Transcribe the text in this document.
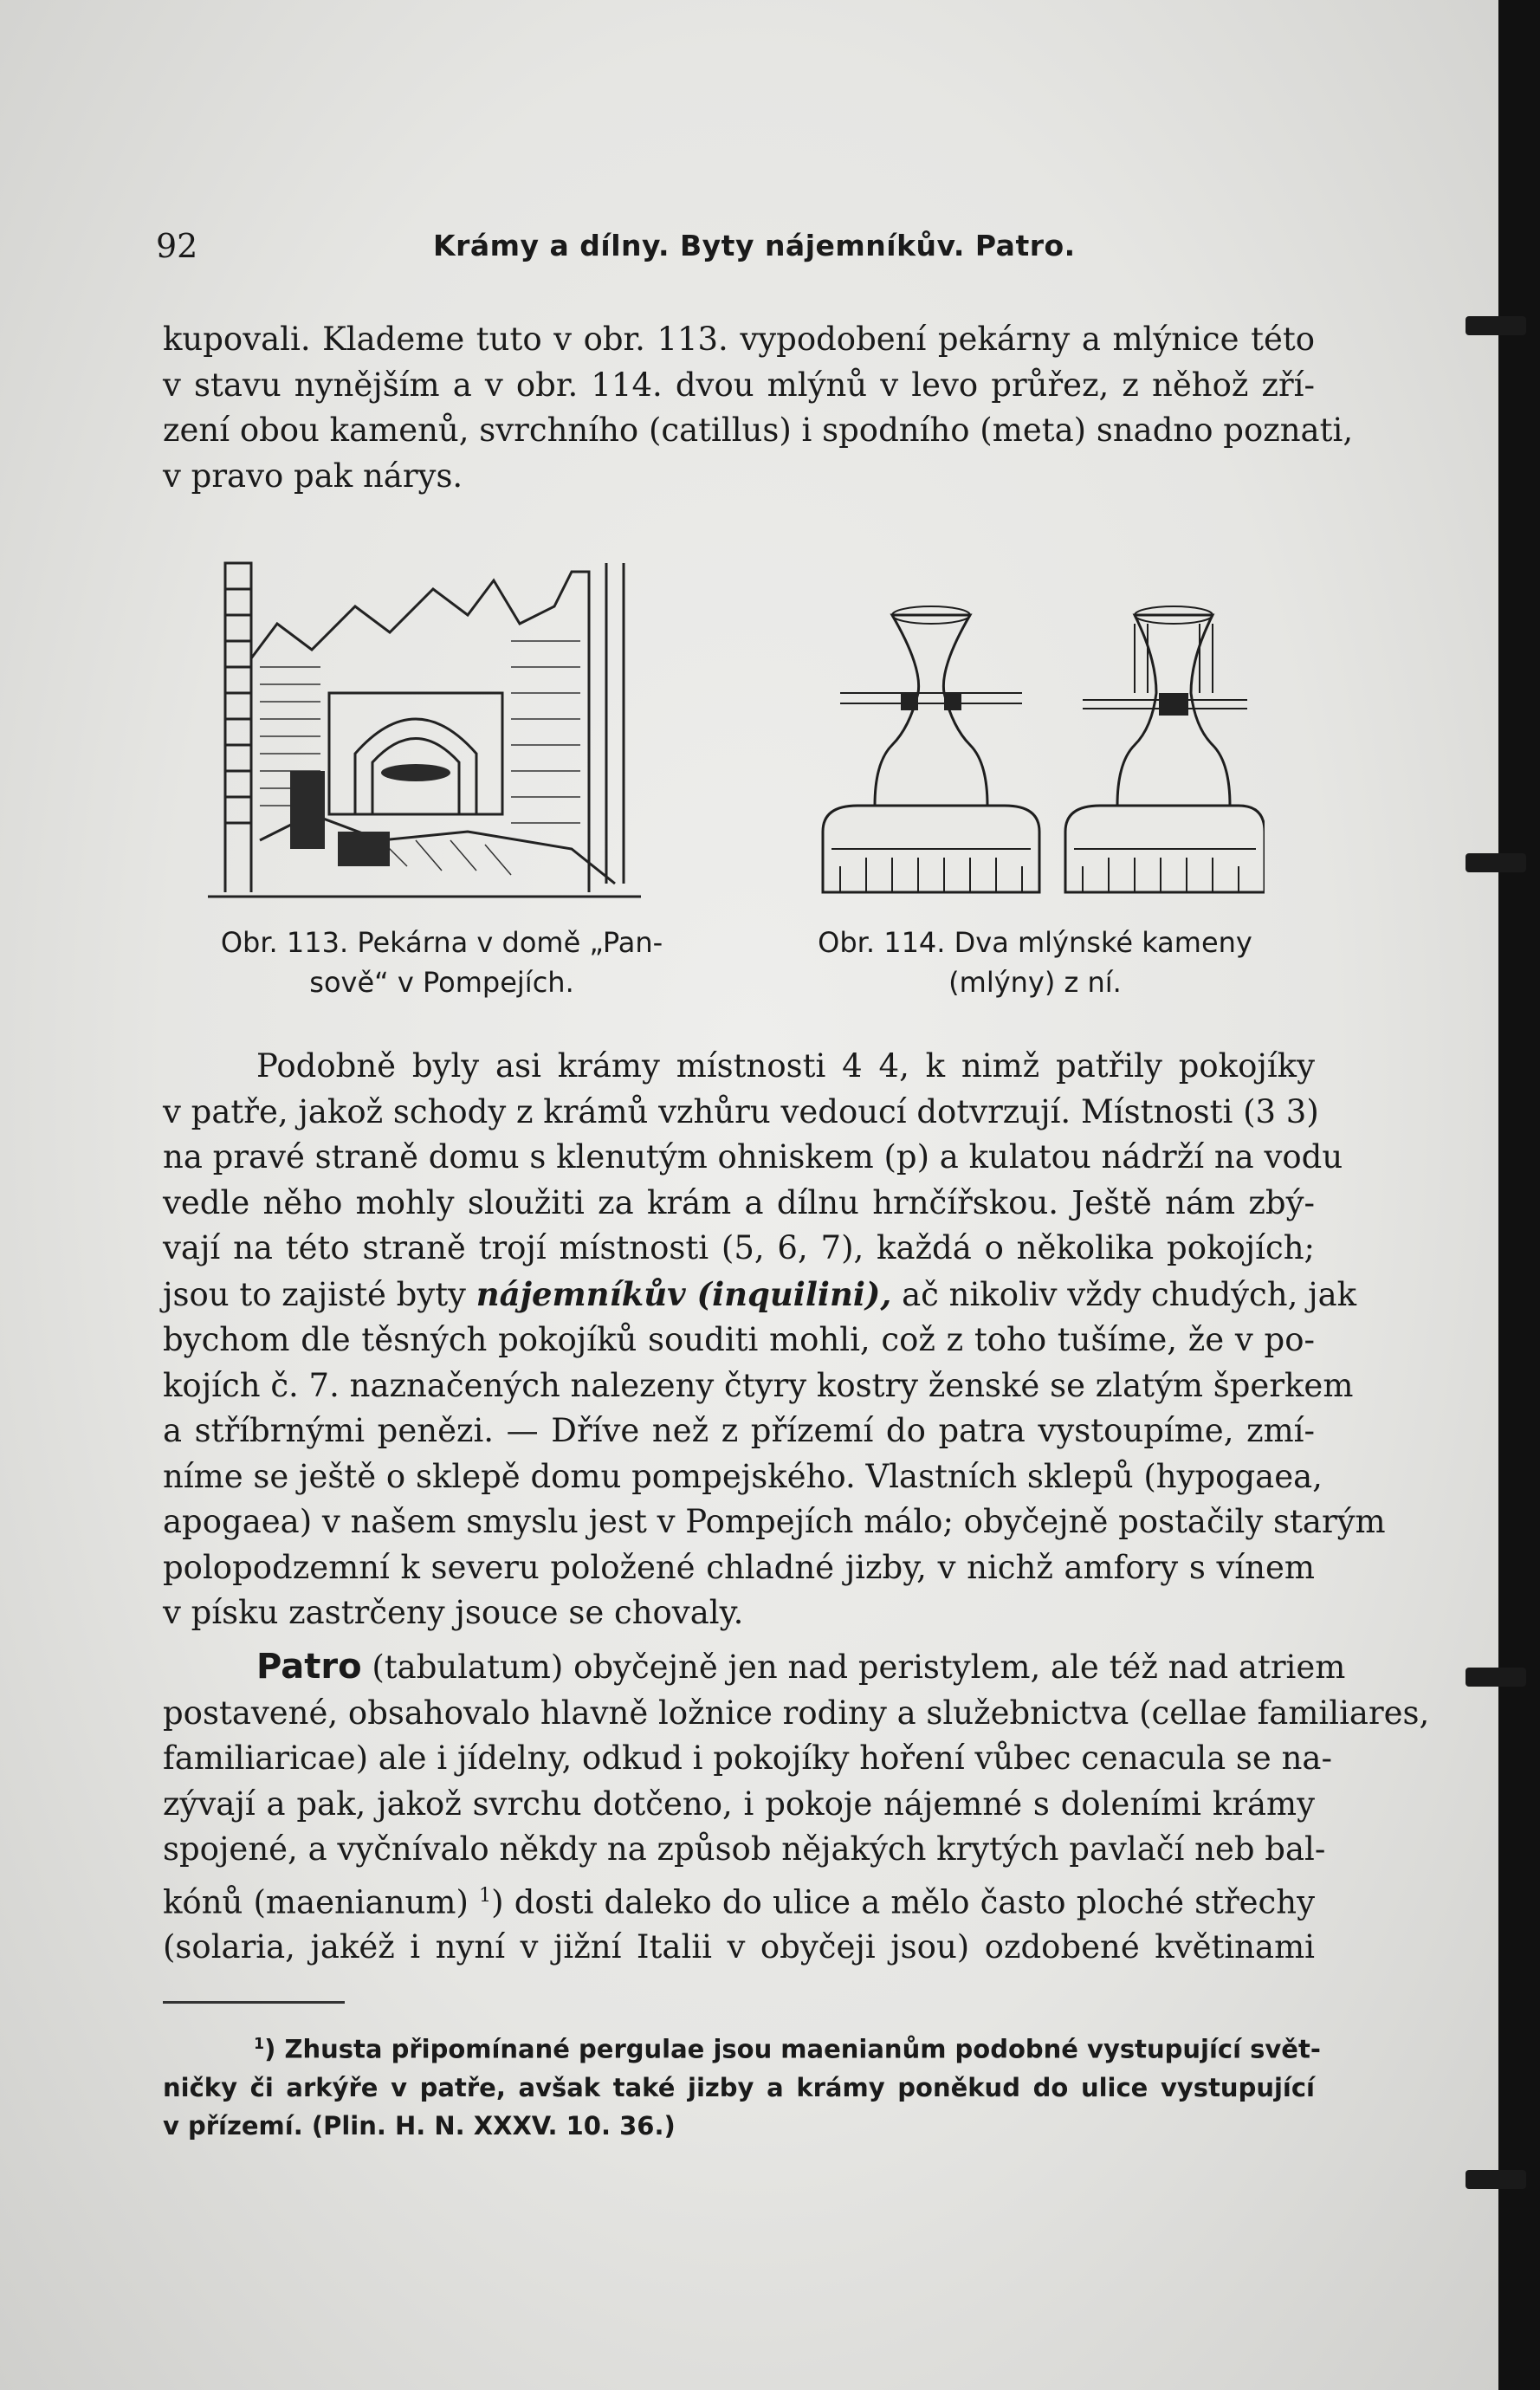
92	Krámy a dílny. Byty nájemníkův. Patro.
kupovali. Klademe tuto v obr. 113. vypodobení pekárny a mlýnice této
v stavu nynějším a v obr. 114. dvou mlýnů v levo průřez, z něhož zří-
zení obou kamenů, svrchního (catillus) i spodního (meta) snadno poznati,
v pravo pak nárys.
Obr. 113. Pekárna v domě „Pan-
sově“ v Pompejích.
Obr. 114. Dva mlýnské kameny
(mlýny) z ní.
Podobně byly asi krámy místnosti 4 4, k nimž patřily pokojíky
v patře, jakož schody z krámů vzhůru vedoucí dotvrzují. Místnosti (3 3)
na pravé straně domu s klenutým ohniskem (p) a kulatou nádrží na vodu
vedle něho mohly sloužiti za krám a dílnu hrnčířskou. Ještě nám zbý-
vají na této straně trojí místnosti (5, 6, 7), každá o několika pokojích;
jsou to zajisté byty nájemníkův (inquilini), ač nikoliv vždy chudých, jak
bychom dle těsných pokojíků souditi mohli, což z toho tušíme, že v po-
kojích č. 7. naznačených nalezeny čtyry kostry ženské se zlatým šperkem
a stříbrnými penězi. — Dříve než z přízemí do patra vystoupíme, zmí-
níme se ještě o sklepě domu pompejského. Vlastních sklepů (hypogaea,
apogaea) v našem smyslu jest v Pompejích málo; obyčejně postačily starým
polopodzemní k severu položené chladné jizby, v nichž amfory s vínem
v písku zastrčeny jsouce se chovaly.
Patro (tabulatum) obyčejně jen nad peristylem, ale též nad atriem
postavené, obsahovalo hlavně ložnice rodiny a služebnictva (cellae familiares,
familiaricae) ale i jídelny, odkud i pokojíky hoření vůbec cenacula se na-
zývají a pak, jakož svrchu dotčeno, i pokoje nájemné s doleními krámy
spojené, a vyčnívalo někdy na způsob nějakých krytých pavlačí neb bal-
kónů (maenianum) $^1$) dosti daleko do ulice a mělo často ploché střechy
(solaria, jakéž i nyní v jižní Italii v obyčeji jsou) ozdobené květinami
$^1$) Zhusta připomínané pergulae jsou maenianům podobné vystupující svět-
ničky či arkýře v patře, avšak také jizby a krámy poněkud do ulice vystupující
v přízemí. (Plin. H. N. XXXV. 10. 36.)
